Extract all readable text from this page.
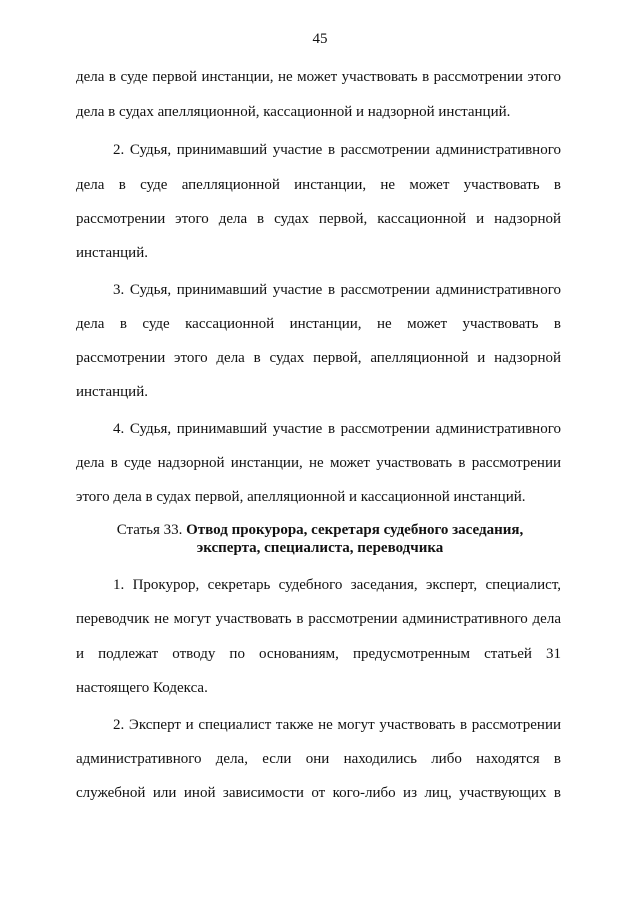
45
дела в суде первой инстанции, не может участвовать в рассмотрении этого
дела в судах апелляционной, кассационной и надзорной инстанций.
2. Судья, принимавший участие в рассмотрении административного
дела в суде апелляционной инстанции, не может участвовать в
рассмотрении этого дела в судах первой, кассационной и надзорной
инстанций.
3. Судья, принимавший участие в рассмотрении административного
дела в суде кассационной инстанции, не может участвовать в
рассмотрении этого дела в судах первой, апелляционной и надзорной
инстанций.
4. Судья, принимавший участие в рассмотрении административного
дела в суде надзорной инстанции, не может участвовать в рассмотрении
этого дела в судах первой, апелляционной и кассационной инстанций.
Статья 33. Отвод прокурора, секретаря судебного заседания,
эксперта, специалиста, переводчика
1. Прокурор, секретарь судебного заседания, эксперт, специалист,
переводчик не могут участвовать в рассмотрении административного дела
и подлежат отводу по основаниям, предусмотренным статьей 31
настоящего Кодекса.
2. Эксперт и специалист также не могут участвовать в рассмотрении
административного дела, если они находились либо находятся в
служебной или иной зависимости от кого-либо из лиц, участвующих в
